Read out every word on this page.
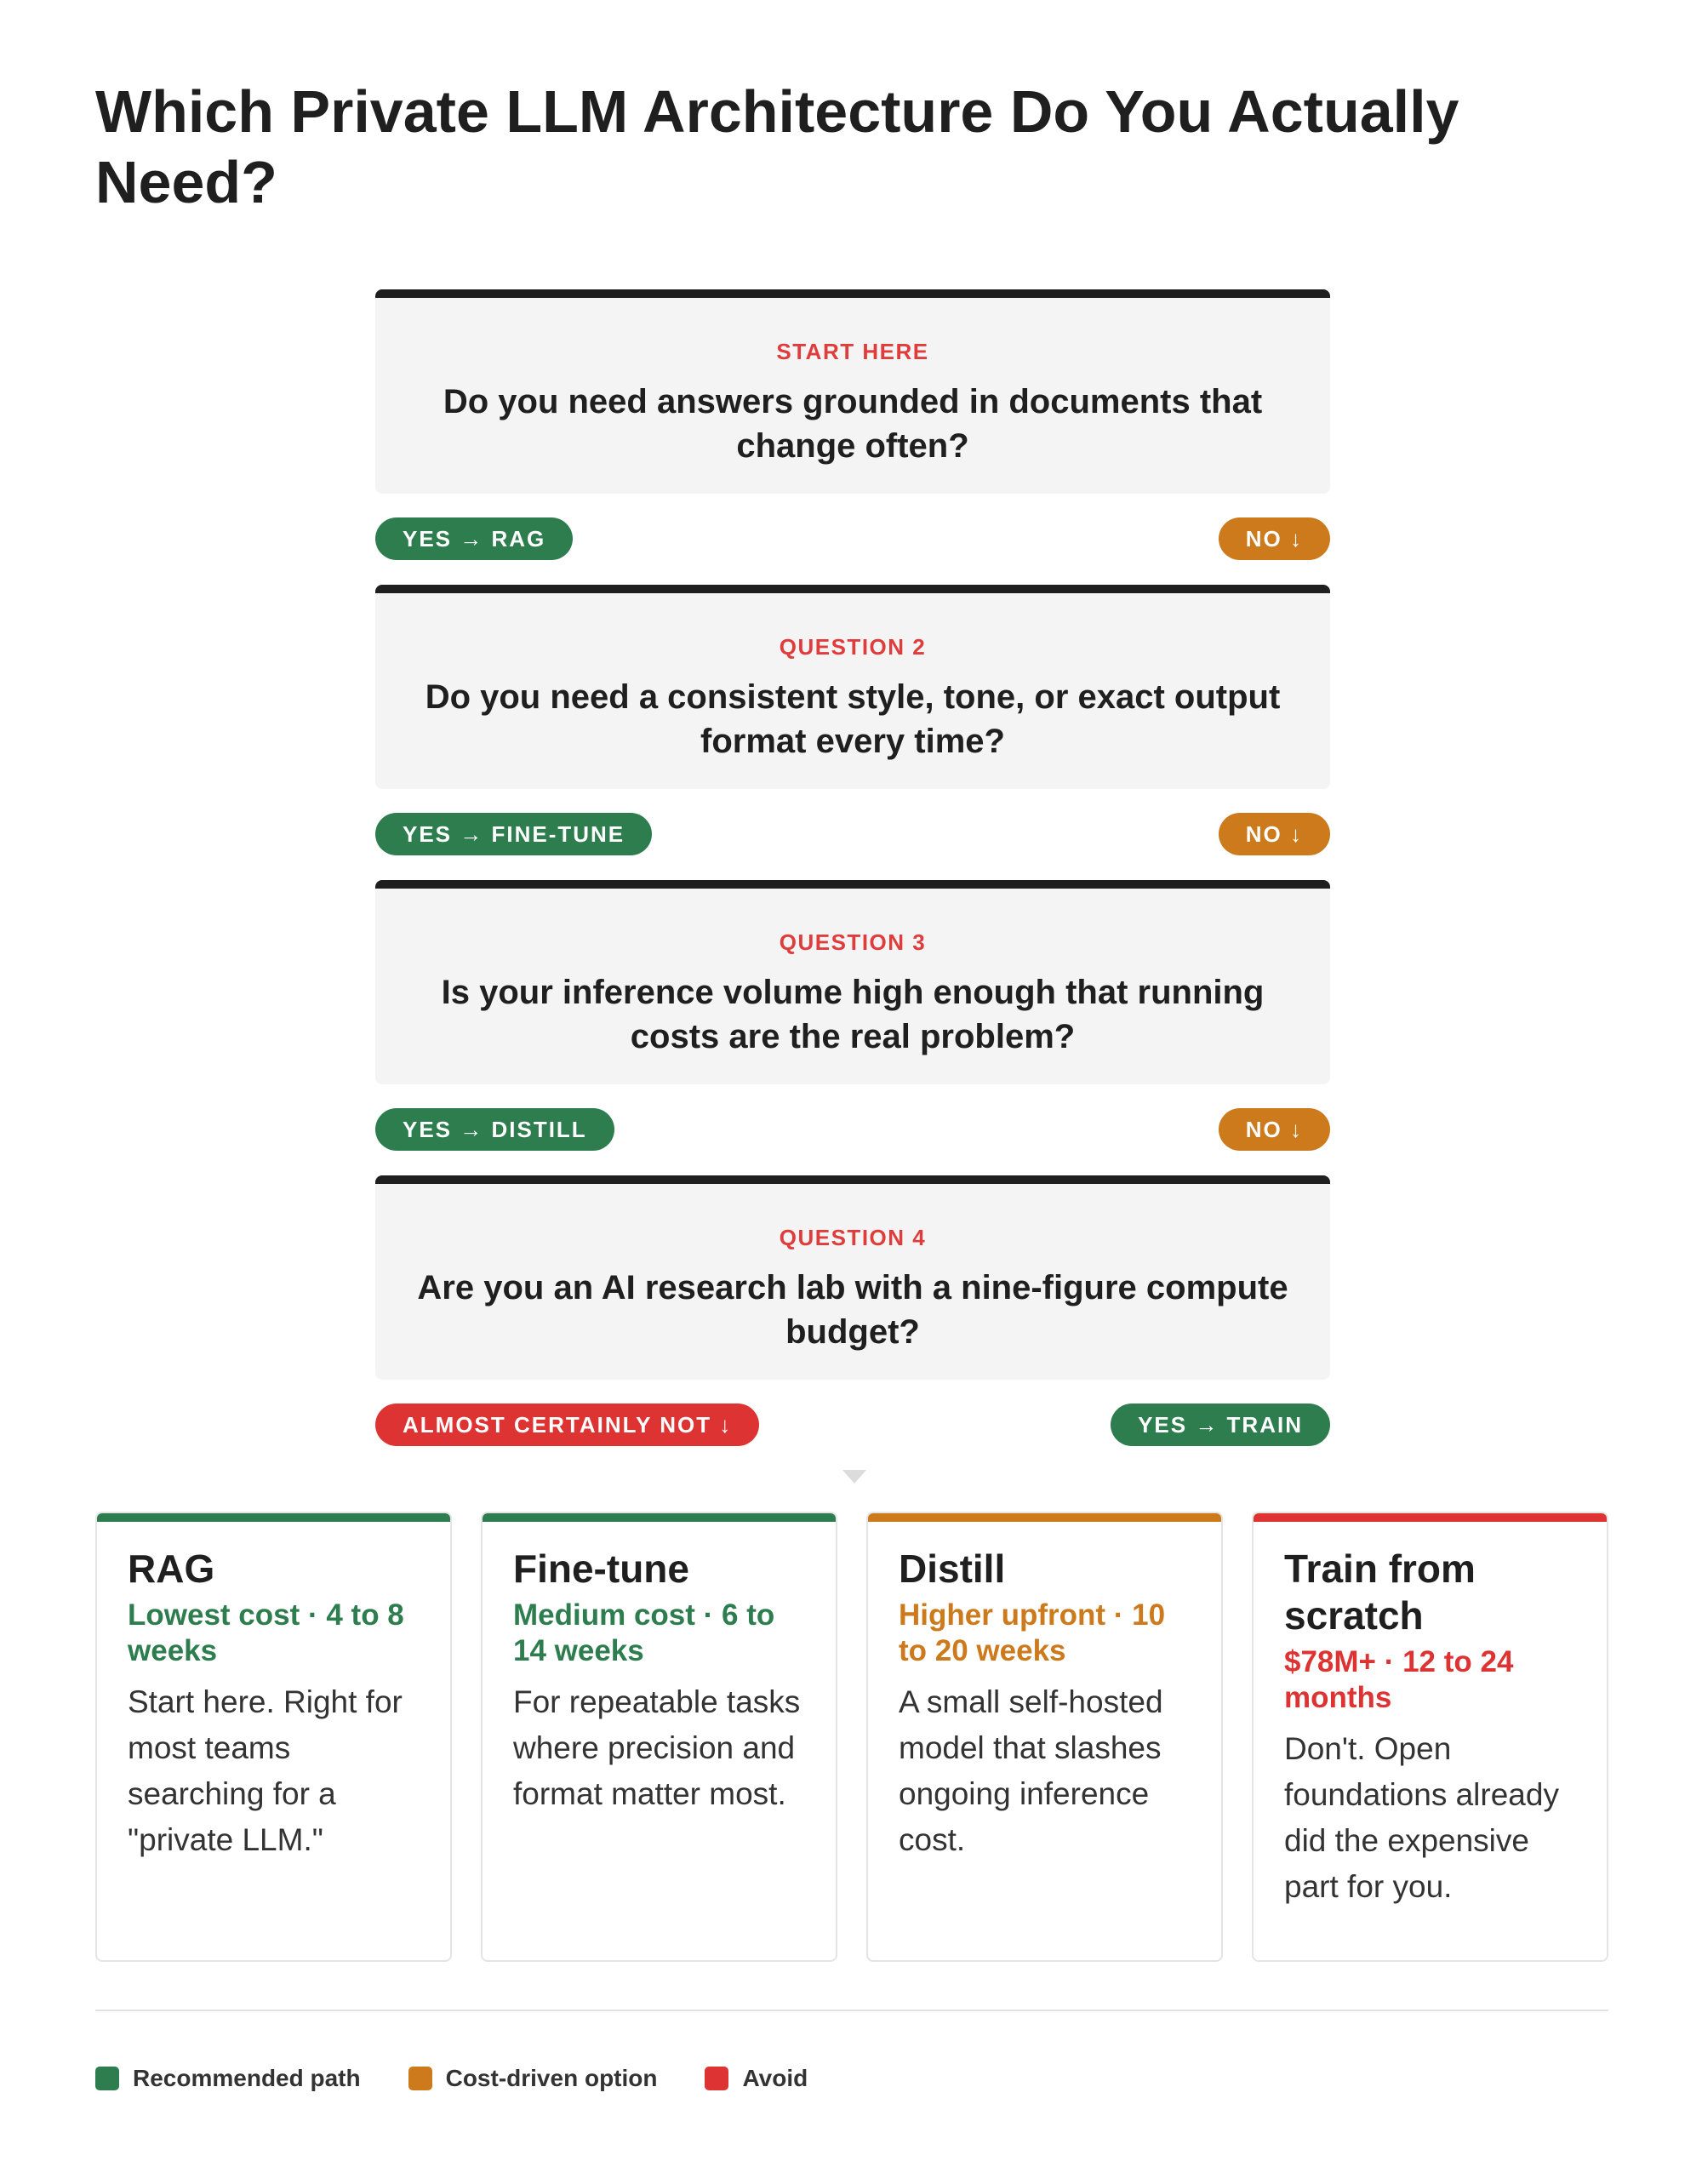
Which Private LLM Architecture Do You Actually Need?
START HERE
Do you need answers grounded in documents that change often?
YES → RAG	NO ↓
QUESTION 2
Do you need a consistent style, tone, or exact output format every time?
YES → FINE-TUNE	NO ↓
QUESTION 3
Is your inference volume high enough that running costs are the real problem?
YES → DISTILL	NO ↓
QUESTION 4
Are you an AI research lab with a nine-figure compute budget?
ALMOST CERTAINLY NOT ↓	YES → TRAIN
RAG
Lowest cost · 4 to 8 weeks
Start here. Right for most teams searching for a "private LLM."
Fine-tune
Medium cost · 6 to 14 weeks
For repeatable tasks where precision and format matter most.
Distill
Higher upfront · 10 to 20 weeks
A small self-hosted model that slashes ongoing inference cost.
Train from scratch
$78M+ · 12 to 24 months
Don't. Open foundations already did the expensive part for you.
Recommended path	Cost-driven option	Avoid
